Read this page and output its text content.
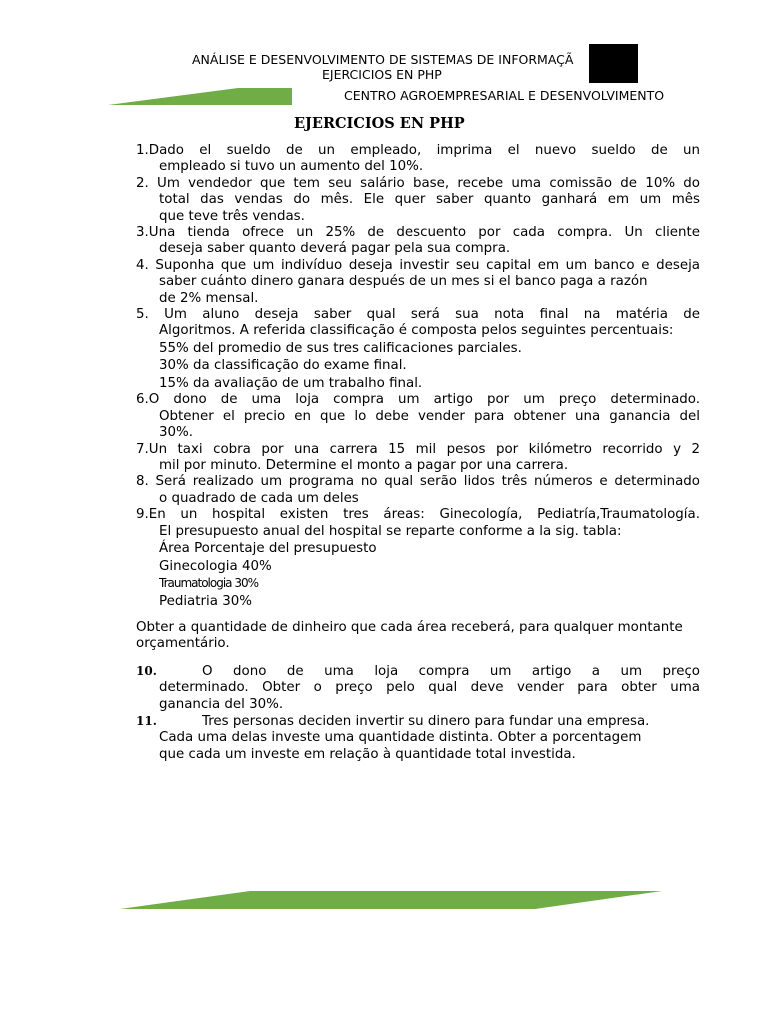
ANÁLISE E DESENVOLVIMENTO DE SISTEMAS DE INFORMAÇÃ
EJERCICIOS EN PHP
CENTRO AGROEMPRESARIAL E DESENVOLVIMENTO
EJERCICIOS EN PHP
1.Dado el sueldo de un empleado, imprima el nuevo sueldo de un
empleado si tuvo un aumento del 10%.
2. Um vendedor que tem seu salário base, recebe uma comissão de 10% do
total das vendas do mês. Ele quer saber quanto ganhará em um mês
que teve três vendas.
3.Una tienda ofrece un 25% de descuento por cada compra. Un cliente
deseja saber quanto deverá pagar pela sua compra.
4. Suponha que um indivíduo deseja investir seu capital em um banco e deseja
saber cuánto dinero ganara después de un mes si el banco paga a razón
de 2% mensal.
5. Um aluno deseja saber qual será sua nota final na matéria de
Algoritmos. A referida classificação é composta pelos seguintes percentuais:
55% del promedio de sus tres calificaciones parciales.
30% da classificação do exame final.
15% da avaliação de um trabalho final.
6.O dono de uma loja compra um artigo por um preço determinado.
Obtener el precio en que lo debe vender para obtener una ganancia del
30%.
7.Un taxi cobra por una carrera 15 mil pesos por kilómetro recorrido y 2
mil por minuto. Determine el monto a pagar por una carrera.
8. Será realizado um programa no qual serão lidos três números e determinado
o quadrado de cada um deles
9.En un hospital existen tres áreas: Ginecología, Pediatría,Traumatología.
El presupuesto anual del hospital se reparte conforme a la sig. tabla:
Área Porcentaje del presupuesto
Ginecologia 40%
Traumatologia 30%
Pediatria 30%
Obter a quantidade de dinheiro que cada área receberá, para qualquer montante orçamentário.
10.	O dono de uma loja compra um artigo a um preço
determinado. Obter o preço pelo qual deve vender para obter uma
ganancia del 30%.
11.	Tres personas deciden invertir su dinero para fundar una empresa.
Cada uma delas investe uma quantidade distinta. Obter a porcentagem
que cada um investe em relação à quantidade total investida.
